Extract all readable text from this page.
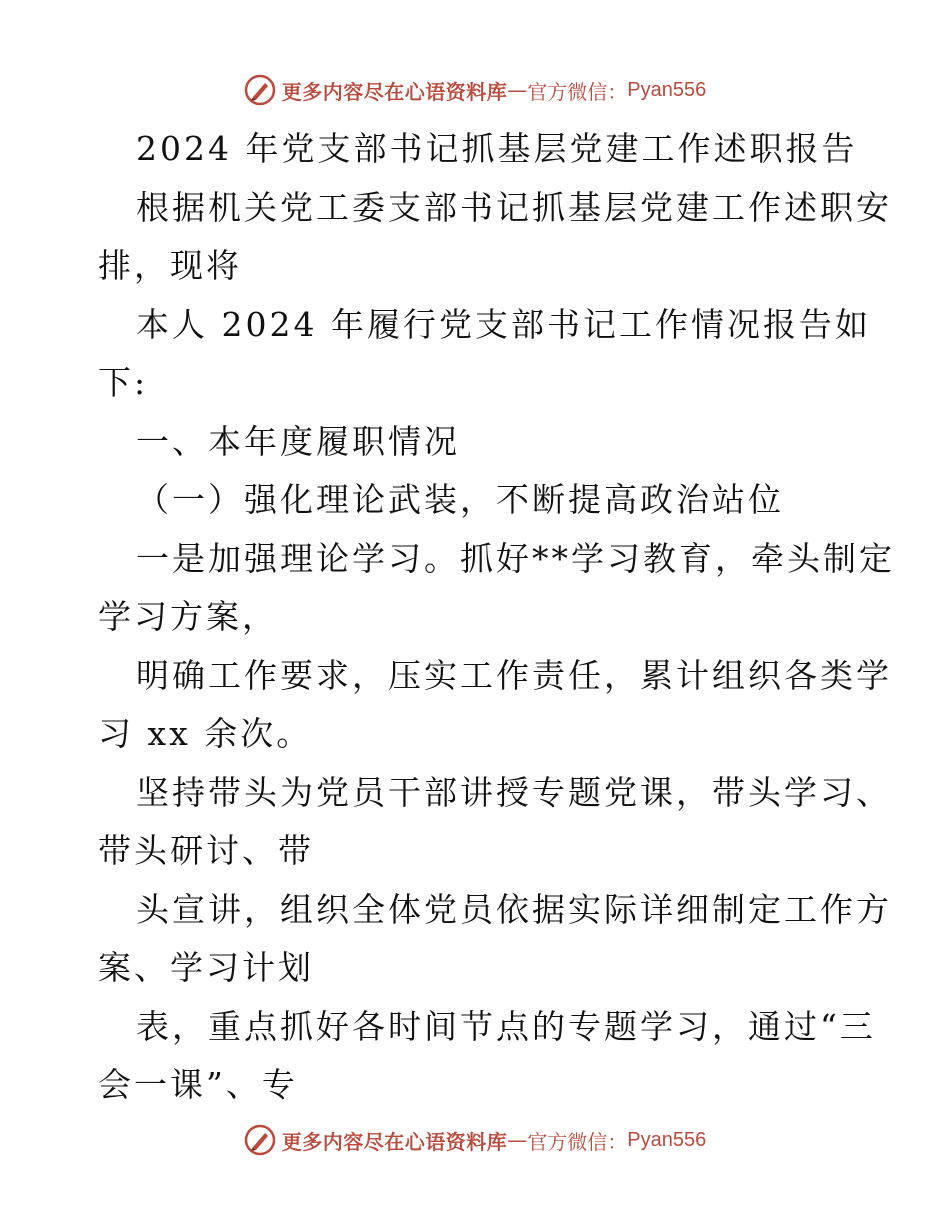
更多内容尽在心语资料库 — 官方微信： Pyan556
2024 年党支部书记抓基层党建工作述职报告
根据机关党工委支部书记抓基层党建工作述职安
排，现将
本人 2024 年履行党支部书记工作情况报告如
下:
一、本年度履职情况
（一）强化理论武装，不断提高政治站位
一是加强理论学习。抓好**学习教育，牵头制定
学习方案，
明确工作要求，压实工作责任，累计组织各类学
习 xx 余次。
坚持带头为党员干部讲授专题党课，带头学习、
带头研讨、带
头宣讲，组织全体党员依据实际详细制定工作方
案、学习计划
表，重点抓好各时间节点的专题学习，通过“三
会一课”、专
更多内容尽在心语资料库 — 官方微信： Pyan556
